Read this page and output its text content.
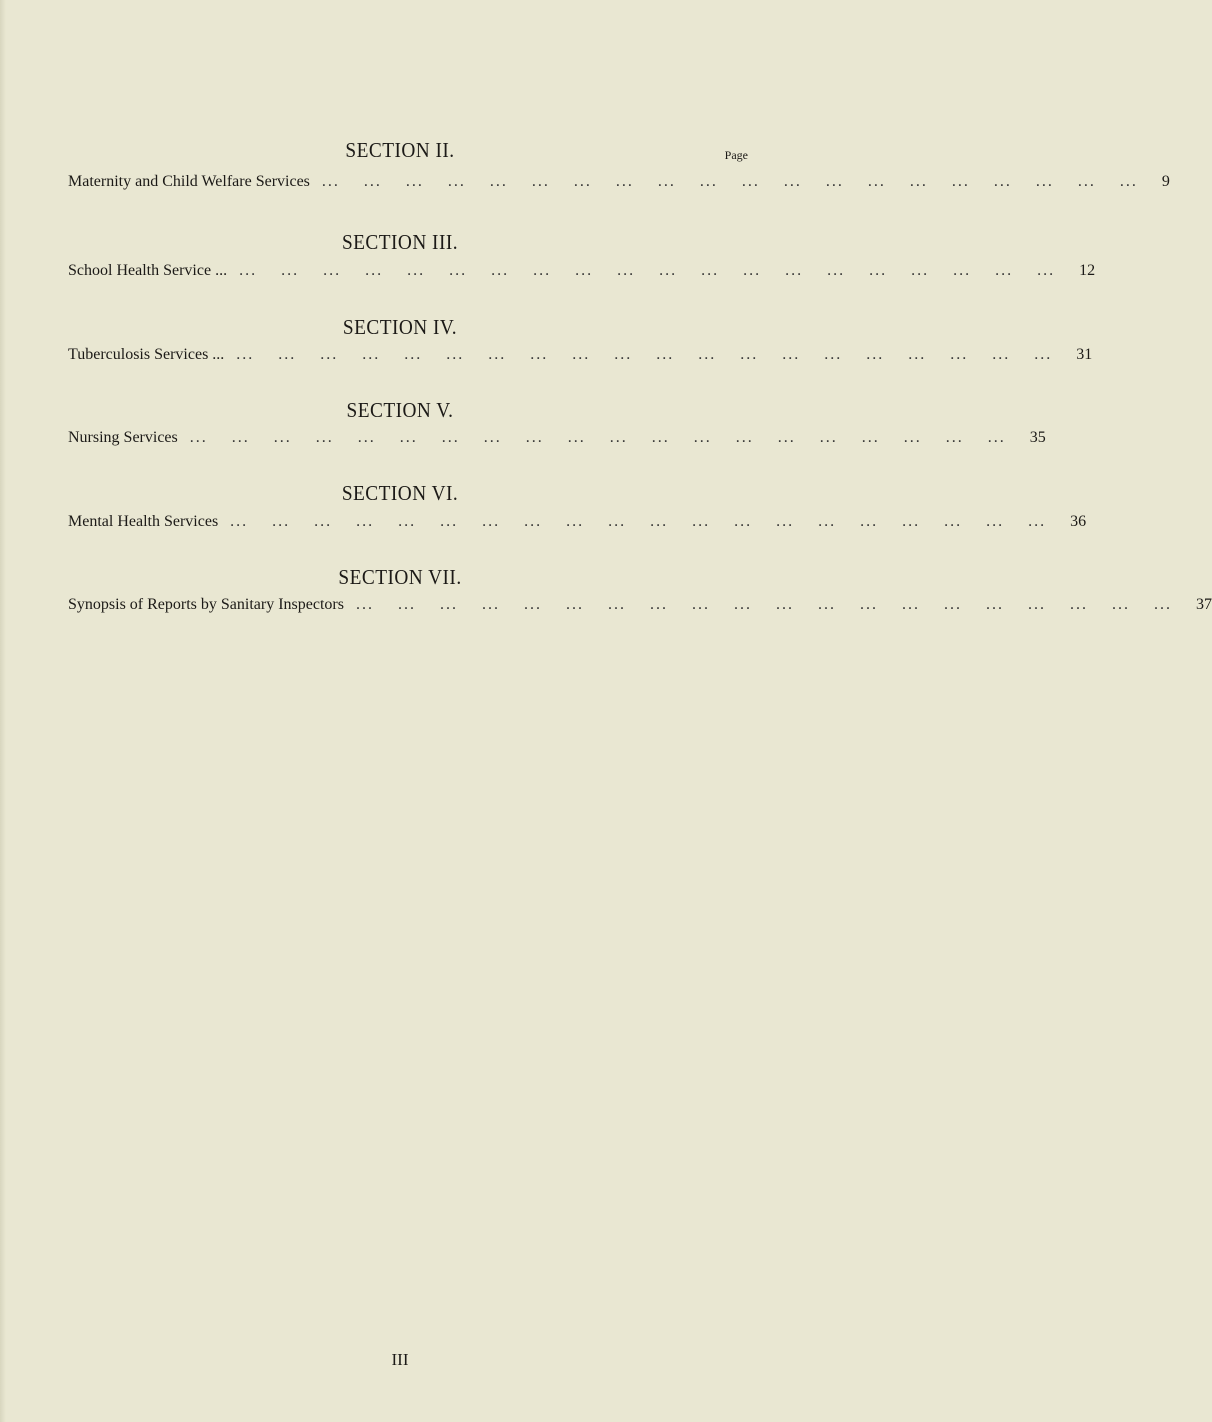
Page
SECTION II.
Maternity and Child Welfare Services ...    ...    ...    ...    ...    ...    ...    ...    ...    ...    ...    ...    ...    ...    ...    ...    ...    ...    ...    ... 9
SECTION III.
School Health Service ... ...    ...    ...    ...    ...    ...    ...    ...    ...    ...    ...    ...    ...    ...    ...    ...    ...    ...    ...    ... 12
SECTION IV.
Tuberculosis Services ... ...    ...    ...    ...    ...    ...    ...    ...    ...    ...    ...    ...    ...    ...    ...    ...    ...    ...    ...    ... 31
SECTION V.
Nursing Services ...    ...    ...    ...    ...    ...    ...    ...    ...    ...    ...    ...    ...    ...    ...    ...    ...    ...    ...    ... 35
SECTION VI.
Mental Health Services ...    ...    ...    ...    ...    ...    ...    ...    ...    ...    ...    ...    ...    ...    ...    ...    ...    ...    ...    ... 36
SECTION VII.
Synopsis of Reports by Sanitary Inspectors ...    ...    ...    ...    ...    ...    ...    ...    ...    ...    ...    ...    ...    ...    ...    ...    ...    ...    ...    ... 37
III
